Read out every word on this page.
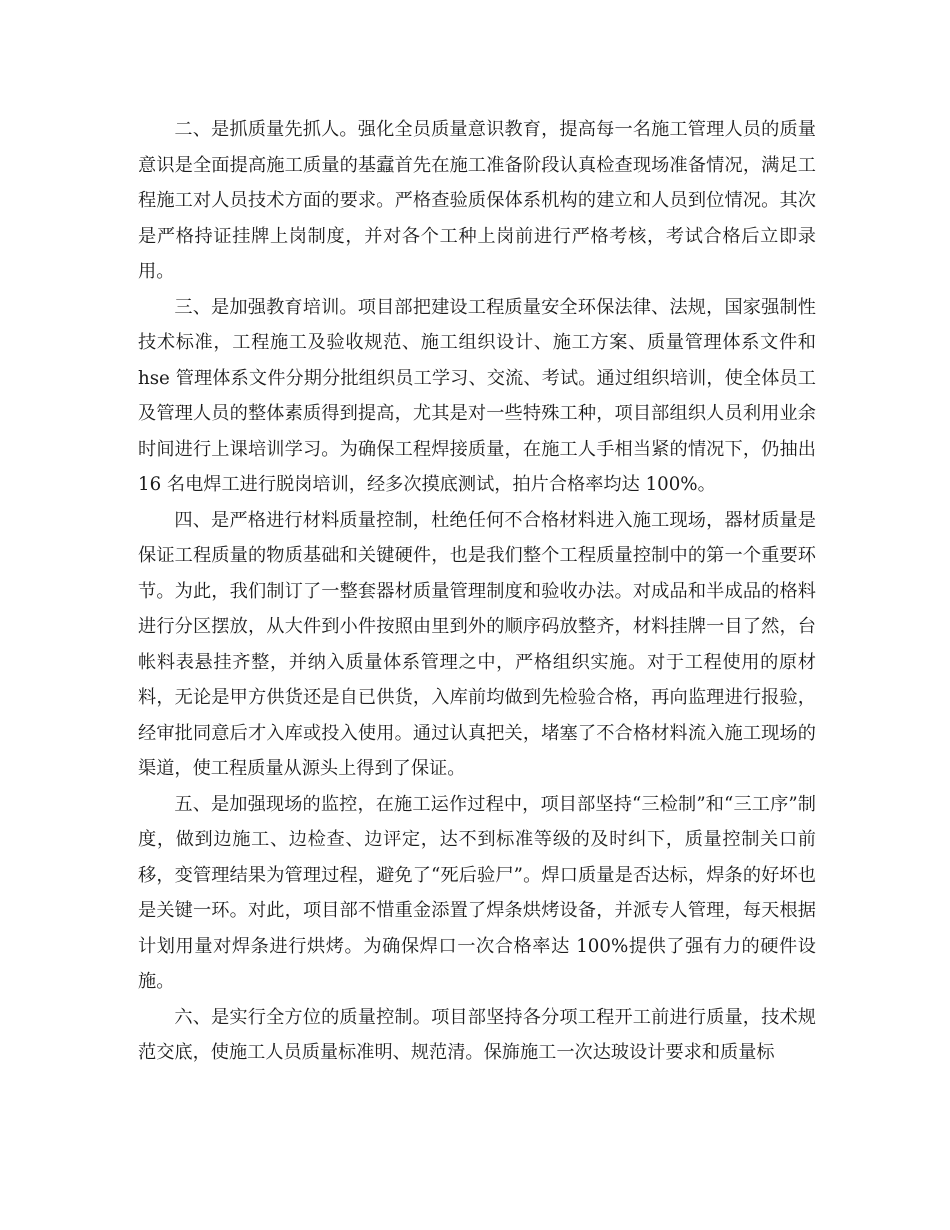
二、是抓质量先抓人。强化全员质量意识教育，提高每一名施工管理人员的质量意识是全面提高施工质量的基蠧首先在施工准备阶段认真检查现场准备情况，满足工程施工对人员技术方面的要求。严格查验质保体系机构的建立和人员到位情况。其次是严格持证挂牌上岗制度，并对各个工种上岗前进行严格考核，考试合格后立即录用。

三、是加强教育培训。项目部把建设工程质量安全环保法律、法规，国家强制性技术标准，工程施工及验收规范、施工组织设计、施工方案、质量管理体系文件和 hse 管理体系文件分期分批组织员工学习、交流、考试。通过组织培训，使全体员工及管理人员的整体素质得到提高，尤其是对一些特殊工种，项目部组织人员利用业余时间进行上课培训学习。为确保工程焊接质量，在施工人手相当紧的情况下，仍抽出 16 名电焊工进行脱岗培训，经多次摸底测试，拍片合格率均达 100%。

四、是严格进行材料质量控制，杜绝任何不合格材料进入施工现场，器材质量是保证工程质量的物质基础和关键硬件，也是我们整个工程质量控制中的第一个重要环节。为此，我们制订了一整套器材质量管理制度和验收办法。对成品和半成品的格料进行分区摆放，从大件到小件按照由里到外的顺序码放整齐，材料挂牌一目了然，台帐料表悬挂齐整，并纳入质量体系管理之中，严格组织实施。对于工程使用的原材料，无论是甲方供货还是自已供货，入库前均做到先检验合格，再向监理进行报验，经审批同意后才入库或投入使用。通过认真把关，堵塞了不合格材料流入施工现场的渠道，使工程质量从源头上得到了保证。

五、是加强现场的监控，在施工运作过程中，项目部坚持“三检制”和“三工序”制度，做到边施工、边检查、边评定，达不到标准等级的及时纠下，质量控制关口前移，变管理结果为管理过程，避免了“死后验尸”。焊口质量是否达标，焊条的好坏也是关键一环。对此，项目部不惜重金添置了焊条烘烤设备，并派专人管理，每天根据计划用量对焊条进行烘烤。为确保焊口一次合格率达 100%提供了强有力的硬件设施。

六、是实行全方位的质量控制。项目部坚持各分项工程开工前进行质量，技术规范交底，使施工人员质量标准明、规范清。保旆施工一次达玻设计要求和质量标
